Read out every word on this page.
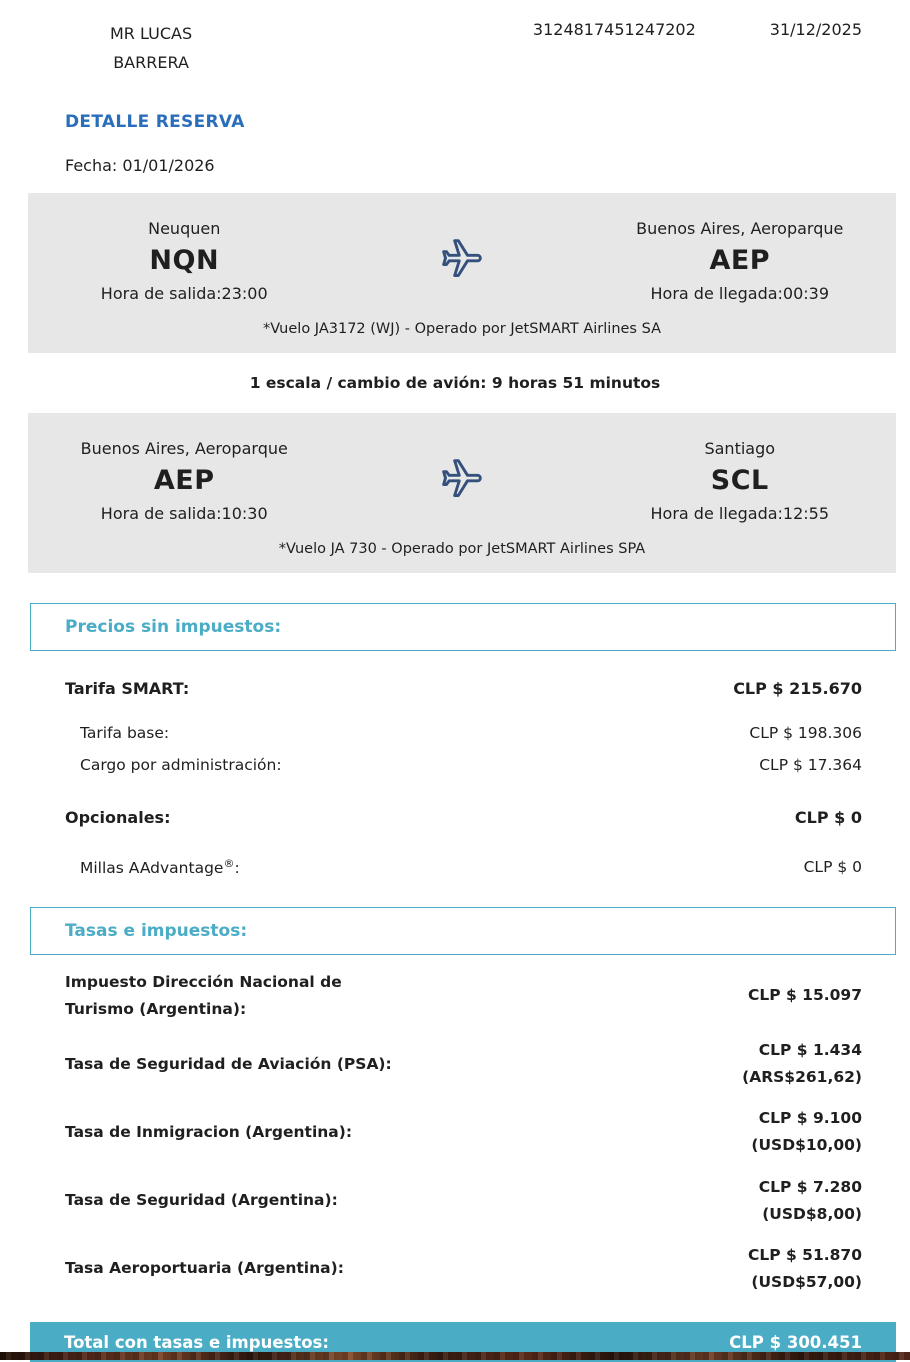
MR LUCAS
BARRERA
3124817451247202	31/12/2025
DETALLE RESERVA
Fecha: 01/01/2026
Neuquen
NQN
Hora de salida:23:00
Buenos Aires, Aeroparque
AEP
Hora de llegada:00:39
*Vuelo JA3172 (WJ) - Operado por JetSMART Airlines SA
1 escala / cambio de avión: 9 horas 51 minutos
Buenos Aires, Aeroparque
AEP
Hora de salida:10:30
Santiago
SCL
Hora de llegada:12:55
*Vuelo JA 730 - Operado por JetSMART Airlines SPA
Precios sin impuestos:
Tarifa SMART:	CLP $ 215.670
Tarifa base:	CLP $ 198.306
Cargo por administración:	CLP $ 17.364
Opcionales:	CLP $ 0
Millas AAdvantage®:	CLP $ 0
Tasas e impuestos:
Impuesto Dirección Nacional de
Turismo (Argentina):
CLP $ 15.097
Tasa de Seguridad de Aviación (PSA):
CLP $ 1.434
(ARS$261,62)
Tasa de Inmigracion (Argentina):
CLP $ 9.100
(USD$10,00)
Tasa de Seguridad (Argentina):
CLP $ 7.280
(USD$8,00)
Tasa Aeroportuaria (Argentina):
CLP $ 51.870
(USD$57,00)
Total con tasas e impuestos:	CLP $ 300.451
